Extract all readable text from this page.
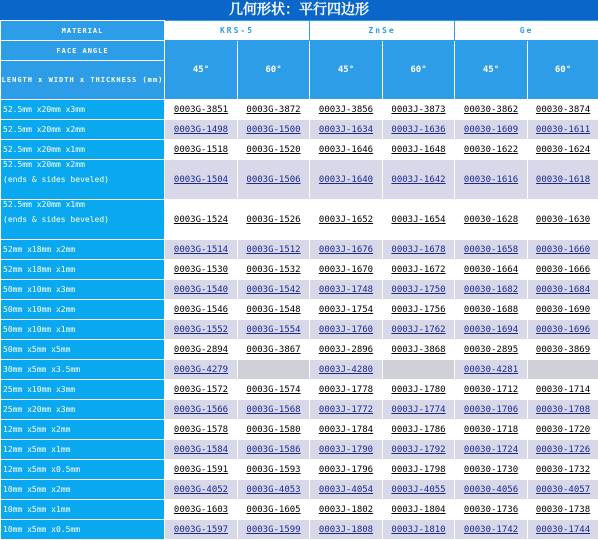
几何形状：平行四边形
MATERIAL	KRS-5		ZnSe		Ge	
FACE ANGLE	45°	60°	45°	60°	45°	60°
LENGTH x WIDTH x THICKNESS (mm)						
52.5mm x20mm x3mm	0003G-3851	0003G-3872	0003J-3856	0003J-3873	00030-3862	00030-3874
52.5mm x20mm x2mm	0003G-1498	0003G-1500	0003J-1634	0003J-1636	00030-1609	00030-1611
52.5mm x20mm x1mm	0003G-1518	0003G-1520	0003J-1646	0003J-1648	00030-1622	00030-1624
52.5mm x20mm x2mm
(ends & sides beveled)	0003G-1504	0003G-1506	0003J-1640	0003J-1642	00030-1616	00030-1618
52.5mm x20mm x1mm
(ends & sides beveled)	0003G-1524	0003G-1526	0003J-1652	0003J-1654	00030-1628	00030-1630
52mm x18mm x2mm	0003G-1514	0003G-1512	0003J-1676	0003J-1678	00030-1658	00030-1660
52mm x18mm x1mm	0003G-1530	0003G-1532	0003J-1670	0003J-1672	00030-1664	00030-1666
50mm x10mm x3mm	0003G-1540	0003G-1542	0003J-1748	0003J-1750	00030-1682	00030-1684
50mm x10mm x2mm	0003G-1546	0003G-1548	0003J-1754	0003J-1756	00030-1688	00030-1690
50mm x10mm x1mm	0003G-1552	0003G-1554	0003J-1760	0003J-1762	00030-1694	00030-1696
50mm x5mm x5mm	0003G-2894	0003G-3867	0003J-2896	0003J-3868	00030-2895	00030-3869
30mm x5mm x3.5mm	0003G-4279		0003J-4280		00030-4281	
25mm x10mm x3mm	0003G-1572	0003G-1574	0003J-1778	0003J-1780	00030-1712	00030-1714
25mm x20mm x3mm	0003G-1566	0003G-1568	0003J-1772	0003J-1774	00030-1706	00030-1708
12mm x5mm x2mm	0003G-1578	0003G-1580	0003J-1784	0003J-1786	00030-1718	00030-1720
12mm x5mm x1mm	0003G-1584	0003G-1586	0003J-1790	0003J-1792	00030-1724	00030-1726
12mm x5mm x0.5mm	0003G-1591	0003G-1593	0003J-1796	0003J-1798	00030-1730	00030-1732
10mm x5mm x2mm	0003G-4052	0003G-4053	0003J-4054	0003J-4055	00030-4056	00030-4057
10mm x5mm x1mm	0003G-1603	0003G-1605	0003J-1802	0003J-1804	00030-1736	00030-1738
10mm x5mm x0.5mm	0003G-1597	0003G-1599	0003J-1808	0003J-1810	00030-1742	00030-1744
